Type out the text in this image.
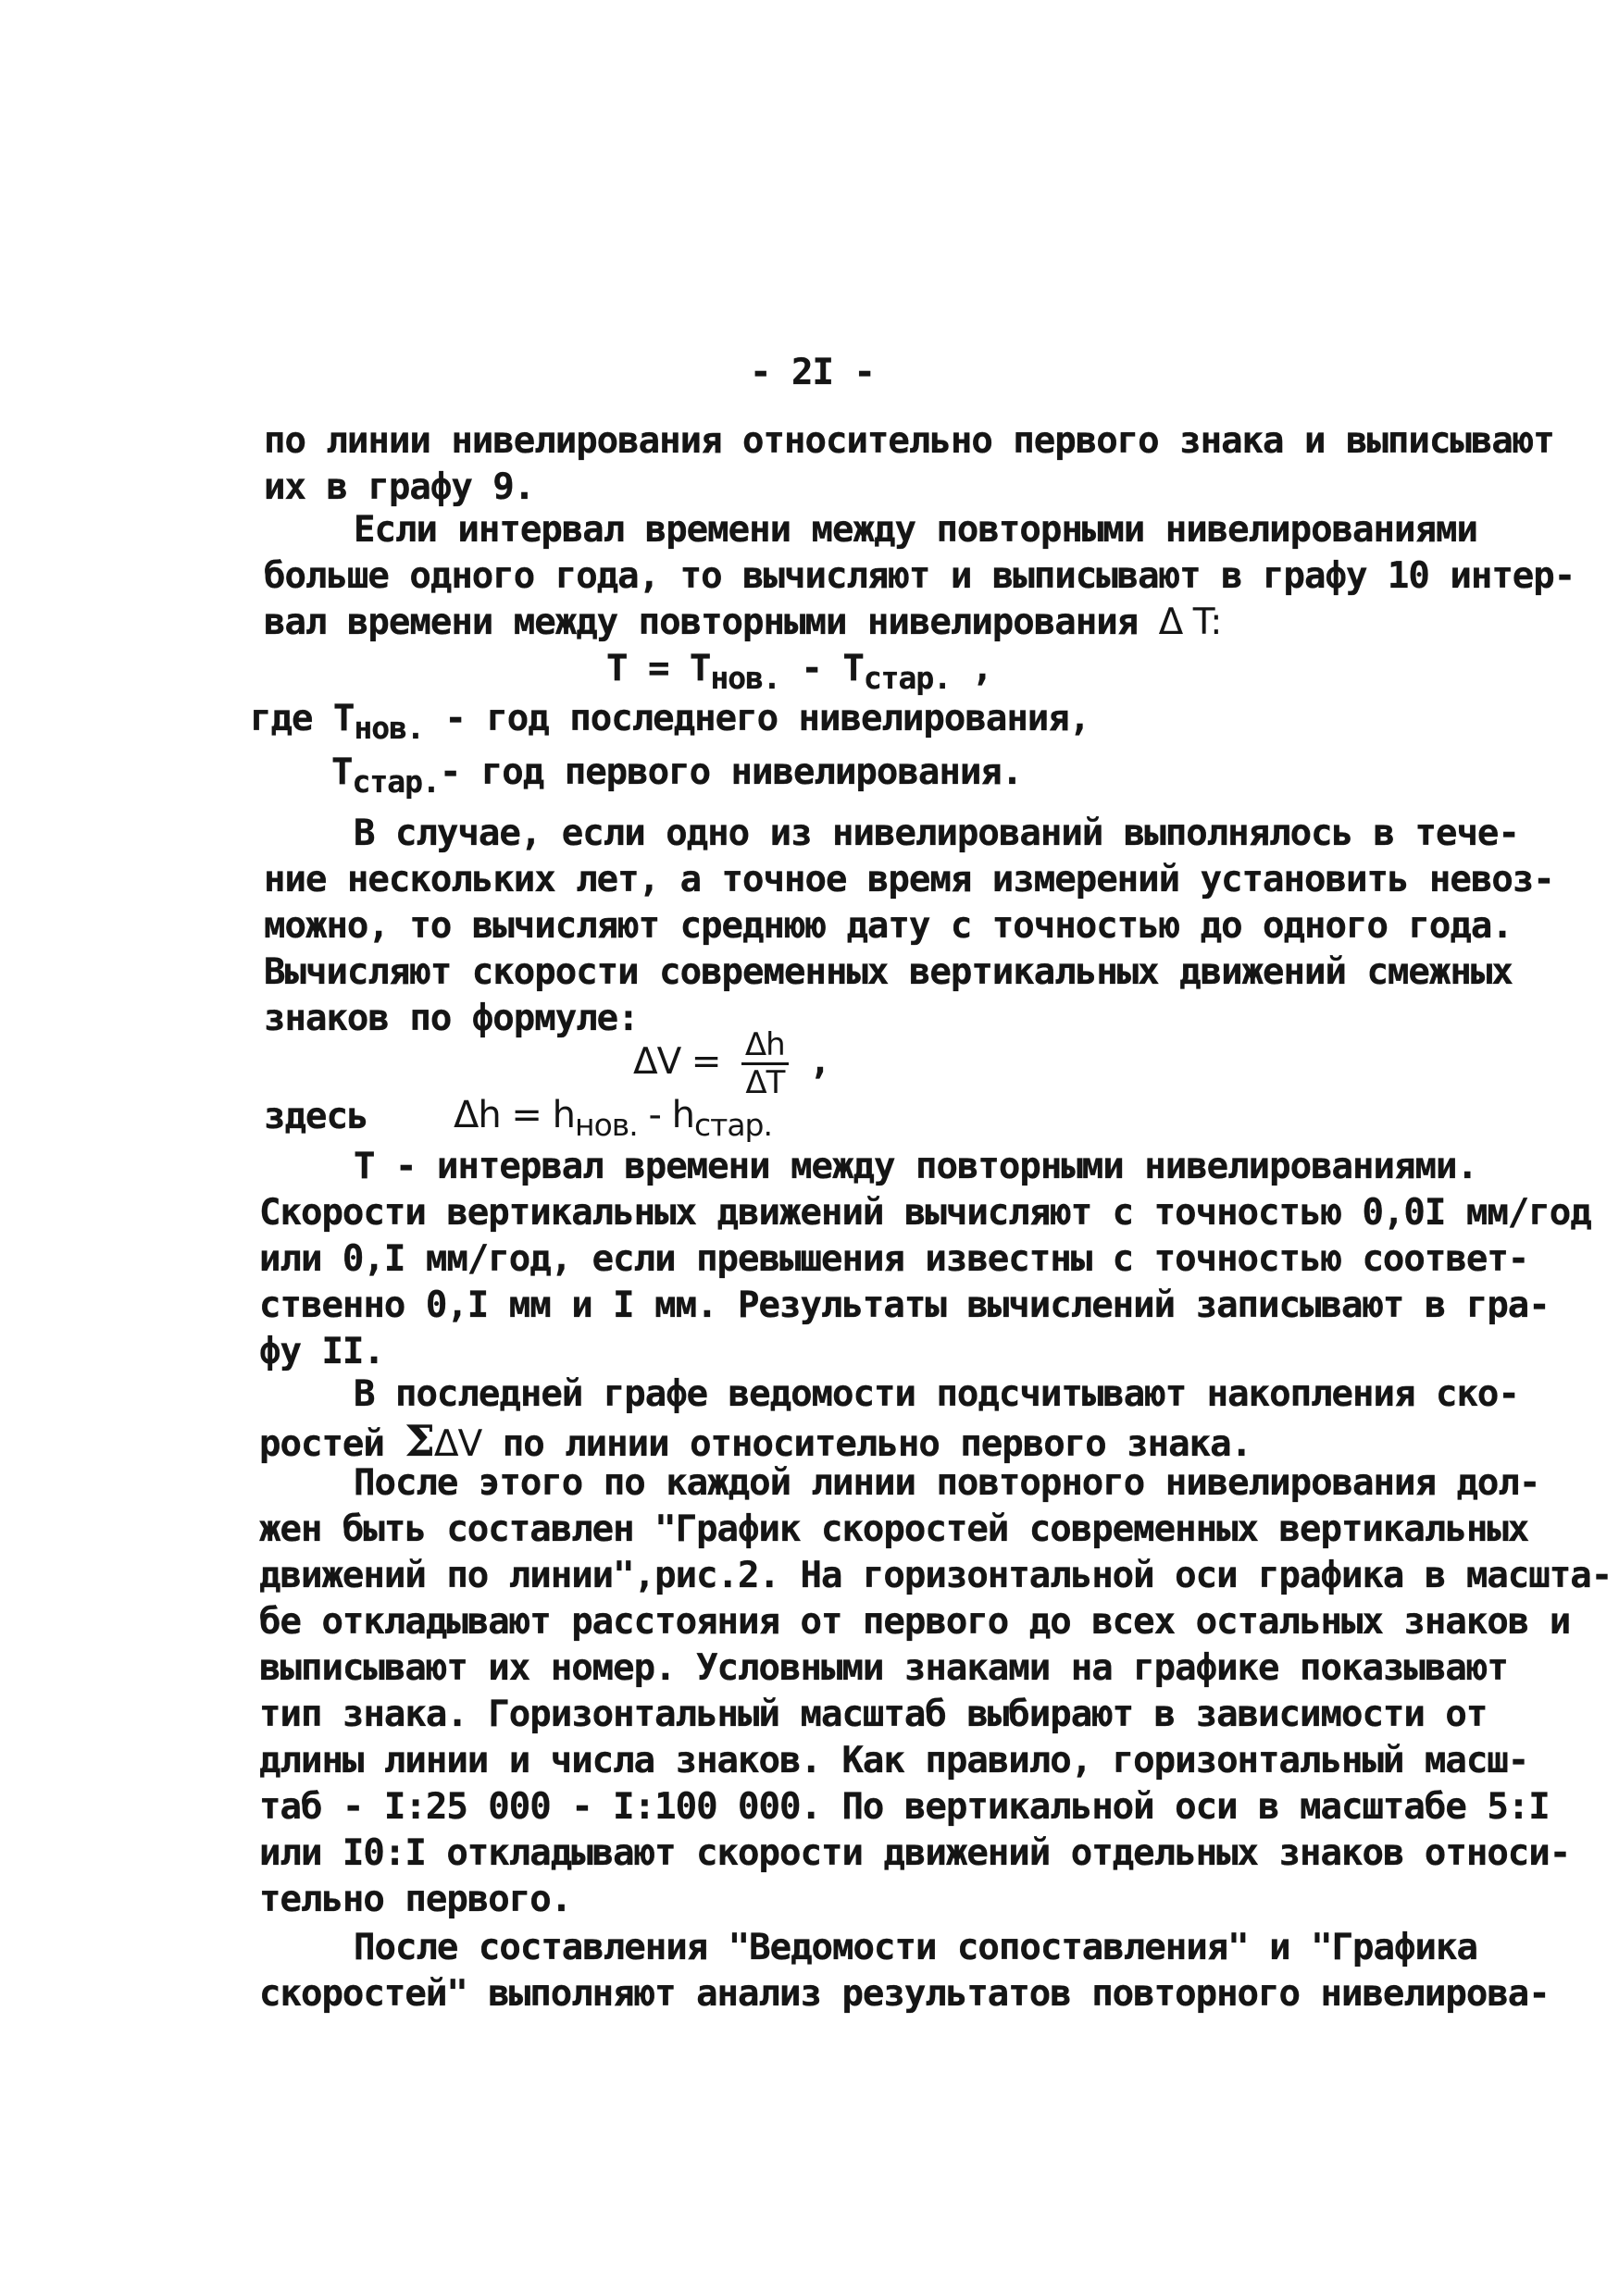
- 2I -
по линии нивелирования относительно первого знака и выписывают
их в графу 9.
Если интервал времени между повторными нивелированиями
больше одного года, то вычисляют и выписывают в графу 10 интер-
вал времени между повторными нивелирования Δ T:
$T = T_{нов.} - T_{стар.}$ ,
где $T_{нов.}$ - год последнего нивелирования,
$T_{стар.}-$ год первого нивелирования.
В случае, если одно из нивелирований выполнялось в тече-
ние нескольких лет, а точное время измерений установить невоз-
можно, то вычисляют среднюю дату с точностью до одного года.
Вычисляют скорости современных вертикальных движений смежных
знаков по формуле:
$\Delta V = \frac{\Delta h}{\Delta T}$ ,
здесь $\Delta h = h_{нов.} - h_{стар.}$
T - интервал времени между повторными нивелированиями.
Скорости вертикальных движений вычисляют с точностью 0,0I мм/год
или 0,I мм/год, если превышения известны с точностью соответ-
ственно 0,I мм и I мм. Результаты вычислений записывают в гра-
фу II.
В последней графе ведомости подсчитывают накопления ско-
ростей ΣΔV по линии относительно первого знака.
После этого по каждой линии повторного нивелирования дол-
жен быть составлен "График скоростей современных вертикальных
движений по линии",рис.2. На горизонтальной оси графика в масшта-
бе откладывают расстояния от первого до всех остальных знаков и
выписывают их номер. Условными знаками на графике показывают
тип знака. Горизонтальный масштаб выбирают в зависимости от
длины линии и числа знаков. Как правило, горизонтальный масш-
таб - I:25 000 - I:100 000. По вертикальной оси в масштабе 5:I
или I0:I откладывают скорости движений отдельных знаков относи-
тельно первого.
После составления "Ведомости сопоставления" и "Графика
скоростей" выполняют анализ результатов повторного нивелирова-
